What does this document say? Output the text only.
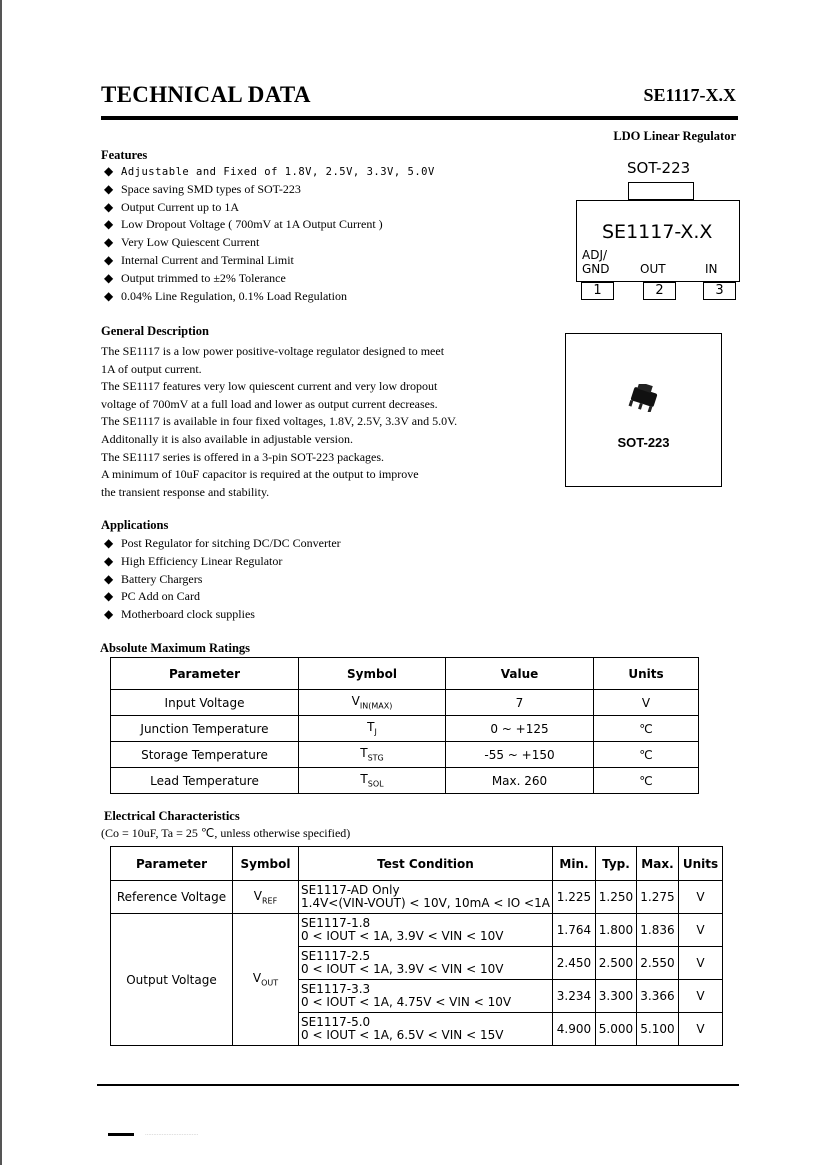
TECHNICAL DATA	SE1117-X.X
LDO Linear Regulator
Features
◆ Adjustable and Fixed of 1.8V, 2.5V, 3.3V, 5.0V
◆ Space saving SMD types of SOT-223
◆ Output Current up to 1A
◆ Low Dropout Voltage ( 700mV at 1A Output Current )
◆ Very Low Quiescent Current
◆ Internal Current and Terminal Limit
◆ Output trimmed to ±2% Tolerance
◆ 0.04% Line Regulation, 0.1% Load Regulation
SOT-223
SE1117-X.X
ADJ/
GND	OUT	IN
1	2	3
SOT-223
General Description
The SE1117 is a low power positive-voltage regulator designed to meet
1A of output current.
The SE1117 features very low quiescent current and very low dropout
voltage of 700mV at a full load and lower as output current decreases.
The SE1117 is available in four fixed voltages, 1.8V, 2.5V, 3.3V and 5.0V.
Additonally it is also available in adjustable version.
The SE1117 series is offered in a 3-pin SOT-223 packages.
A minimum of 10uF capacitor is required at the output to improve
the transient response and stability.
Applications
◆ Post Regulator for sitching DC/DC Converter
◆ High Efficiency Linear Regulator
◆ Battery Chargers
◆ PC Add on Card
◆ Motherboard clock supplies
Absolute Maximum Ratings
Parameter	Symbol	Value	Units
Input Voltage	$V_{IN(MAX)}$	7	V
Junction Temperature	$T_J$	0 ~ +125	℃
Storage Temperature	$T_{STG}$	-55 ~ +150	℃
Lead Temperature	$T_{SOL}$	Max. 260	℃
Electrical Characteristics
(Co = 10uF, Ta = 25 ℃, unless otherwise specified)
Parameter	Symbol	Test Condition	Min.	Typ.	Max.	Units
Reference Voltage	$V_{REF}$	SE1117-AD Only
1.4V<(VIN-VOUT) < 10V, 10mA < IO <1A	1.225	1.250	1.275	V
Output Voltage	$V_{OUT}$	SE1117-1.8
0 < IOUT < 1A, 3.9V < VIN < 10V	1.764	1.800	1.836	V

		SE1117-2.5
0 < IOUT < 1A, 3.9V < VIN < 10V	2.450	2.500	2.550	V

		SE1117-3.3
0 < IOUT < 1A, 4.75V < VIN < 10V	3.234	3.300	3.366	V

		SE1117-5.0
0 < IOUT < 1A, 6.5V < VIN < 15V	4.900	5.000	5.100	V
................................
